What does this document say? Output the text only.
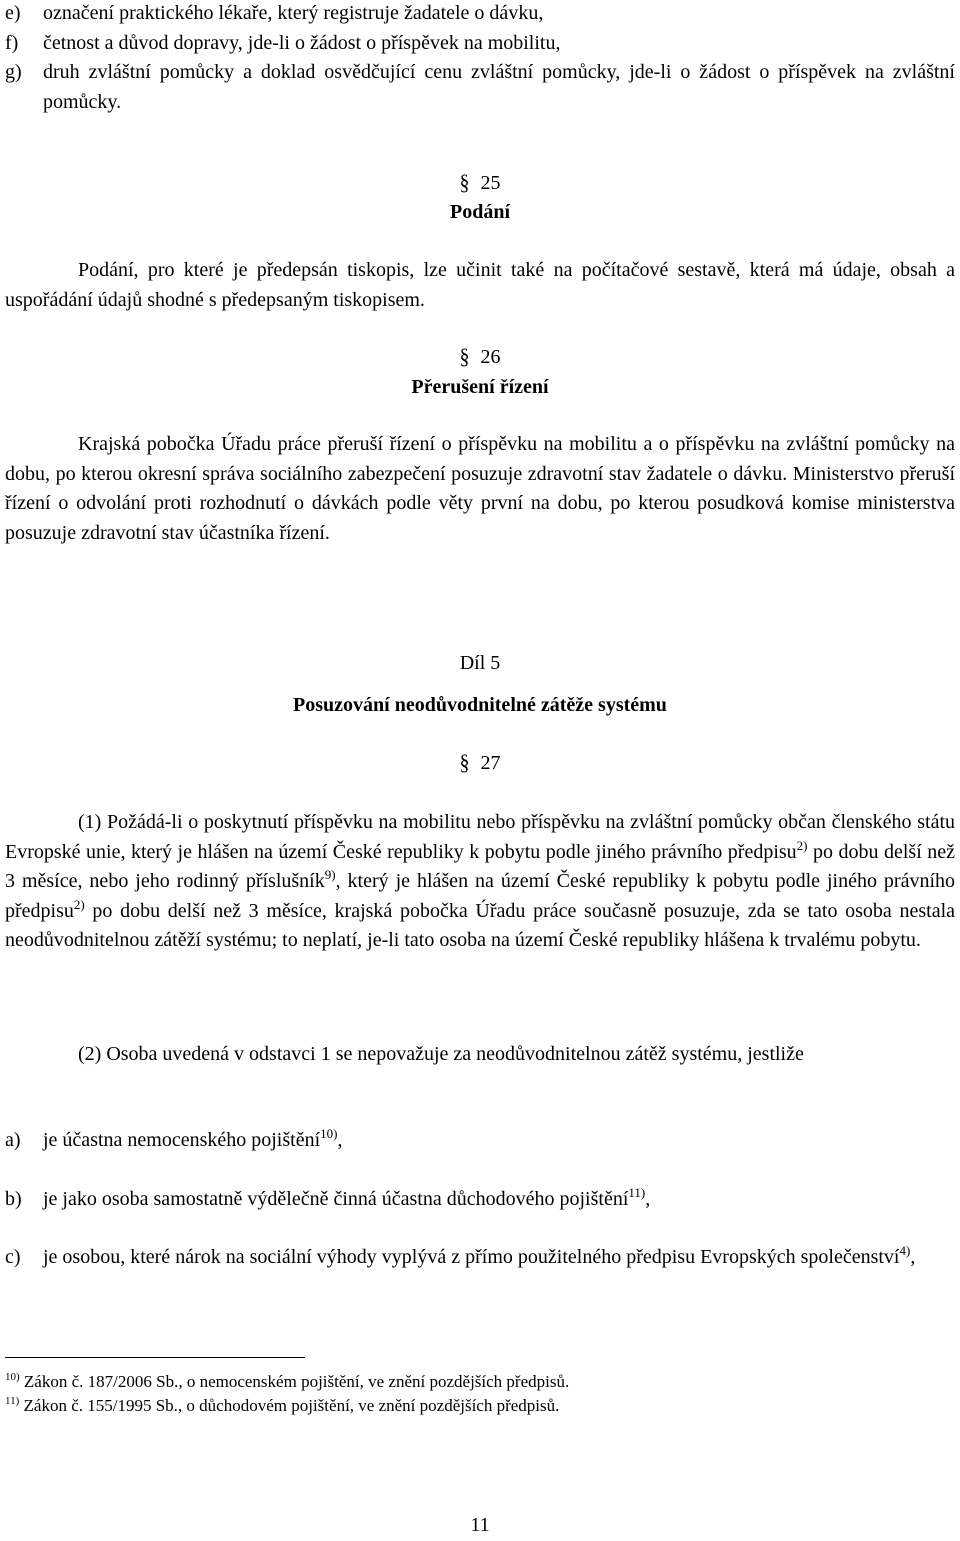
e)	označení praktického lékaře, který registruje žadatele o dávku,
f)	četnost a důvod dopravy, jde-li o žádost o příspěvek na mobilitu,
g)	druh zvláštní pomůcky a doklad osvědčující cenu zvláštní pomůcky, jde-li o žádost o příspěvek na zvláštní pomůcky.
§ 25
Podání
Podání, pro které je předepsán tiskopis, lze učinit také na počítačové sestavě, která má údaje, obsah a uspořádání údajů shodné s předepsaným tiskopisem.
§ 26
Přerušení řízení
Krajská pobočka Úřadu práce přeruší řízení o příspěvku na mobilitu a o příspěvku na zvláštní pomůcky na dobu, po kterou okresní správa sociálního zabezpečení posuzuje zdravotní stav žadatele o dávku. Ministerstvo přeruší řízení o odvolání proti rozhodnutí o dávkách podle věty první na dobu, po kterou posudková komise ministerstva posuzuje zdravotní stav účastníka řízení.
Díl 5
Posuzování neodůvodnitelné zátěže systému
§ 27
(1) Požádá-li o poskytnutí příspěvku na mobilitu nebo příspěvku na zvláštní pomůcky občan členského státu Evropské unie, který je hlášen na území České republiky k pobytu podle jiného právního předpisu$^{2)}$ po dobu delší než 3 měsíce, nebo jeho rodinný příslušník$^{9)}$, který je hlášen na území České republiky k pobytu podle jiného právního předpisu$^{2)}$ po dobu delší než 3 měsíce, krajská pobočka Úřadu práce současně posuzuje, zda se tato osoba nestala neodůvodnitelnou zátěží systému; to neplatí, je-li tato osoba na území České republiky hlášena k trvalému pobytu.
(2) Osoba uvedená v odstavci 1 se nepovažuje za neodůvodnitelnou zátěž systému, jestliže
a)	je účastna nemocenského pojištění$^{10)}$,
b)	je jako osoba samostatně výdělečně činná účastna důchodového pojištění$^{11)}$,
c)	je osobou, které nárok na sociální výhody vyplývá z přímo použitelného předpisu Evropských společenství$^{4)}$,
$^{10)}$ Zákon č. 187/2006 Sb., o nemocenském pojištění, ve znění pozdějších předpisů.
$^{11)}$ Zákon č. 155/1995 Sb., o důchodovém pojištění, ve znění pozdějších předpisů.
11
